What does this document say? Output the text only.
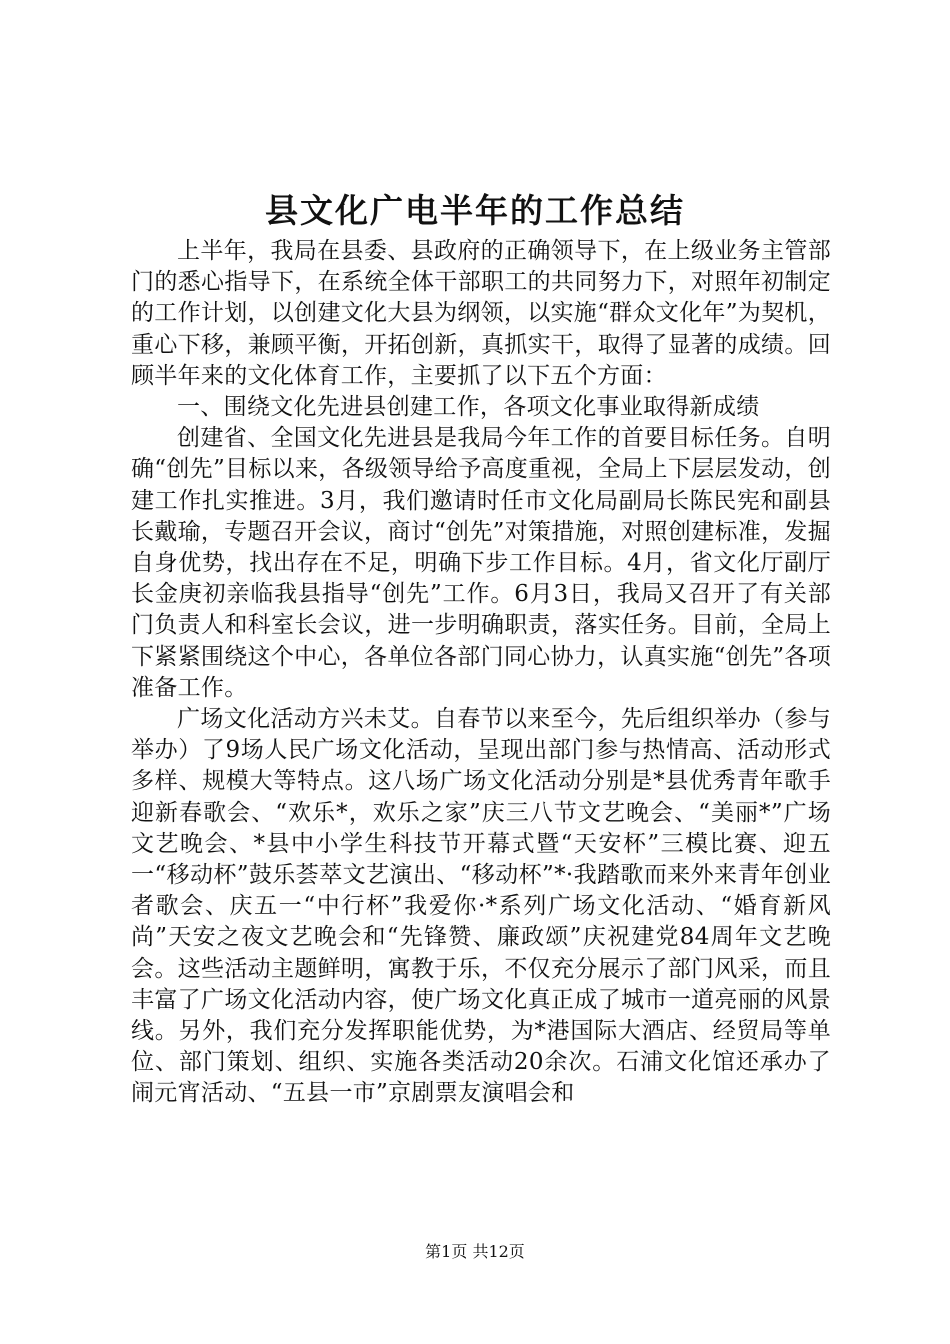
县文化广电半年的工作总结

上半年，我局在县委、县政府的正确领导下，在上级业务主管部门的悉心指导下，在系统全体干部职工的共同努力下，对照年初制定的工作计划，以创建文化大县为纲领，以实施“群众文化年”为契机，重心下移，兼顾平衡，开拓创新，真抓实干，取得了显著的成绩。回顾半年来的文化体育工作，主要抓了以下五个方面：

一、围绕文化先进县创建工作，各项文化事业取得新成绩

创建省、全国文化先进县是我局今年工作的首要目标任务。自明确“创先”目标以来，各级领导给予高度重视，全局上下层层发动，创建工作扎实推进。3月，我们邀请时任市文化局副局长陈民宪和副县长戴瑜，专题召开会议，商讨“创先”对策措施，对照创建标准，发掘自身优势，找出存在不足，明确下步工作目标。4月，省文化厅副厅长金庚初亲临我县指导“创先”工作。6月3日，我局又召开了有关部门负责人和科室长会议，进一步明确职责，落实任务。目前，全局上下紧紧围绕这个中心，各单位各部门同心协力，认真实施“创先”各项准备工作。

广场文化活动方兴未艾。自春节以来至今，先后组织举办（参与举办）了9场人民广场文化活动，呈现出部门参与热情高、活动形式多样、规模大等特点。这八场广场文化活动分别是*县优秀青年歌手迎新春歌会、“欢乐*，欢乐之家”庆三八节文艺晚会、“美丽*”广场文艺晚会、*县中小学生科技节开幕式暨“天安杯”三模比赛、迎五一“移动杯”鼓乐荟萃文艺演出、“移动杯”*·我踏歌而来外来青年创业者歌会、庆五一“中行杯”我爱你·*系列广场文化活动、“婚育新风尚”天安之夜文艺晚会和“先锋赞、廉政颂”庆祝建党84周年文艺晚会。这些活动主题鲜明，寓教于乐，不仅充分展示了部门风采，而且丰富了广场文化活动内容，使广场文化真正成了城市一道亮丽的风景线。另外，我们充分发挥职能优势，为*港国际大酒店、经贸局等单位、部门策划、组织、实施各类活动20余次。石浦文化馆还承办了闹元宵活动、“五县一市”京剧票友演唱会和

第1页 共12页
